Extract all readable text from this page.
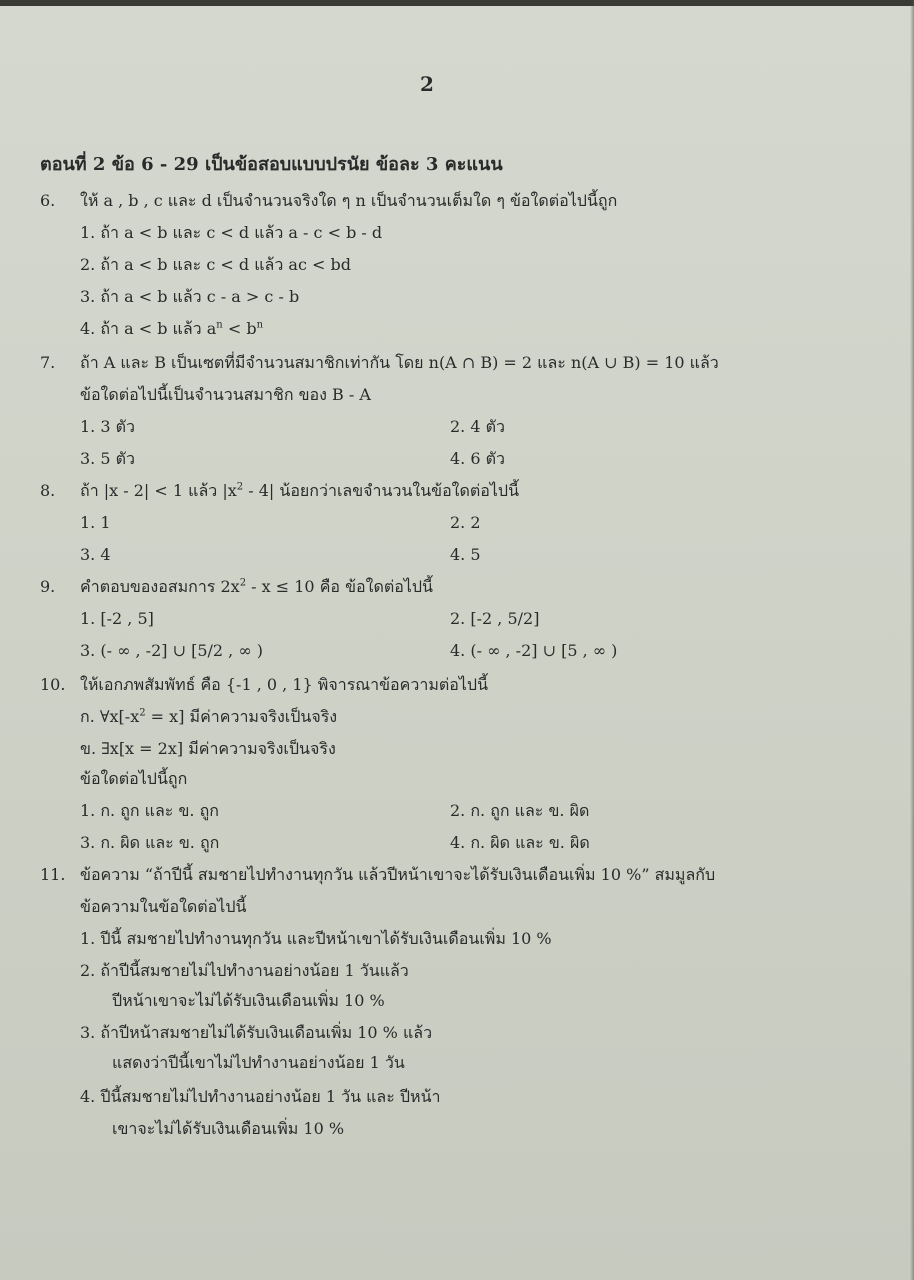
2
ตอนที่ 2 ข้อ 6 - 29 เป็นข้อสอบแบบปรนัย ข้อละ 3 คะแนน
6. ให้ a , b , c และ d เป็นจำนวนจริงใด ๆ n เป็นจำนวนเต็มใด ๆ ข้อใดต่อไปนี้ถูก
1. ถ้า a < b และ c < d แล้ว a - c < b - d
2. ถ้า a < b และ c < d แล้ว ac < bd
3. ถ้า a < b แล้ว c - a > c - b
4. ถ้า a < b แล้ว $a^n < b^n$
7. ถ้า A และ B เป็นเซตที่มีจำนวนสมาชิกเท่ากัน โดย n(A ∩ B) = 2 และ n(A ∪ B) = 10 แล้ว
ข้อใดต่อไปนี้เป็นจำนวนสมาชิก ของ B - A
1. 3 ตัว	2. 4 ตัว
3. 5 ตัว	4. 6 ตัว
8. ถ้า |x - 2| < 1 แล้ว $|x^2 - 4|$ น้อยกว่าเลขจำนวนในข้อใดต่อไปนี้
1. 1	2. 2
3. 4	4. 5
9. คำตอบของอสมการ $2x^2 - x \le 10$ คือ ข้อใดต่อไปนี้
1. [-2 , 5]	2. [-2 , 5/2]
3. (- ∞ , -2] ∪ [5/2 , ∞ )	4. (- ∞ , -2] ∪ [5 , ∞ )
10. ให้เอกภพสัมพัทธ์ คือ {-1 , 0 , 1} พิจารณาข้อความต่อไปนี้
ก. $\forall x[-x^2 = x]$ มีค่าความจริงเป็นจริง
ข. ∃x[x = 2x] มีค่าความจริงเป็นจริง
ข้อใดต่อไปนี้ถูก
1. ก. ถูก และ ข. ถูก	2. ก. ถูก และ ข. ผิด
3. ก. ผิด และ ข. ถูก	4. ก. ผิด และ ข. ผิด
11. ข้อความ “ถ้าปีนี้ สมชายไปทำงานทุกวัน แล้วปีหน้าเขาจะได้รับเงินเดือนเพิ่ม 10 %” สมมูลกับ
ข้อความในข้อใดต่อไปนี้
1. ปีนี้ สมชายไปทำงานทุกวัน และปีหน้าเขาได้รับเงินเดือนเพิ่ม 10 %
2. ถ้าปีนี้สมชายไม่ไปทำงานอย่างน้อย 1 วันแล้ว
ปีหน้าเขาจะไม่ได้รับเงินเดือนเพิ่ม 10 %
3. ถ้าปีหน้าสมชายไม่ได้รับเงินเดือนเพิ่ม 10 % แล้ว
แสดงว่าปีนี้เขาไม่ไปทำงานอย่างน้อย 1 วัน
4. ปีนี้สมชายไม่ไปทำงานอย่างน้อย 1 วัน และ ปีหน้า
เขาจะไม่ได้รับเงินเดือนเพิ่ม 10 %
